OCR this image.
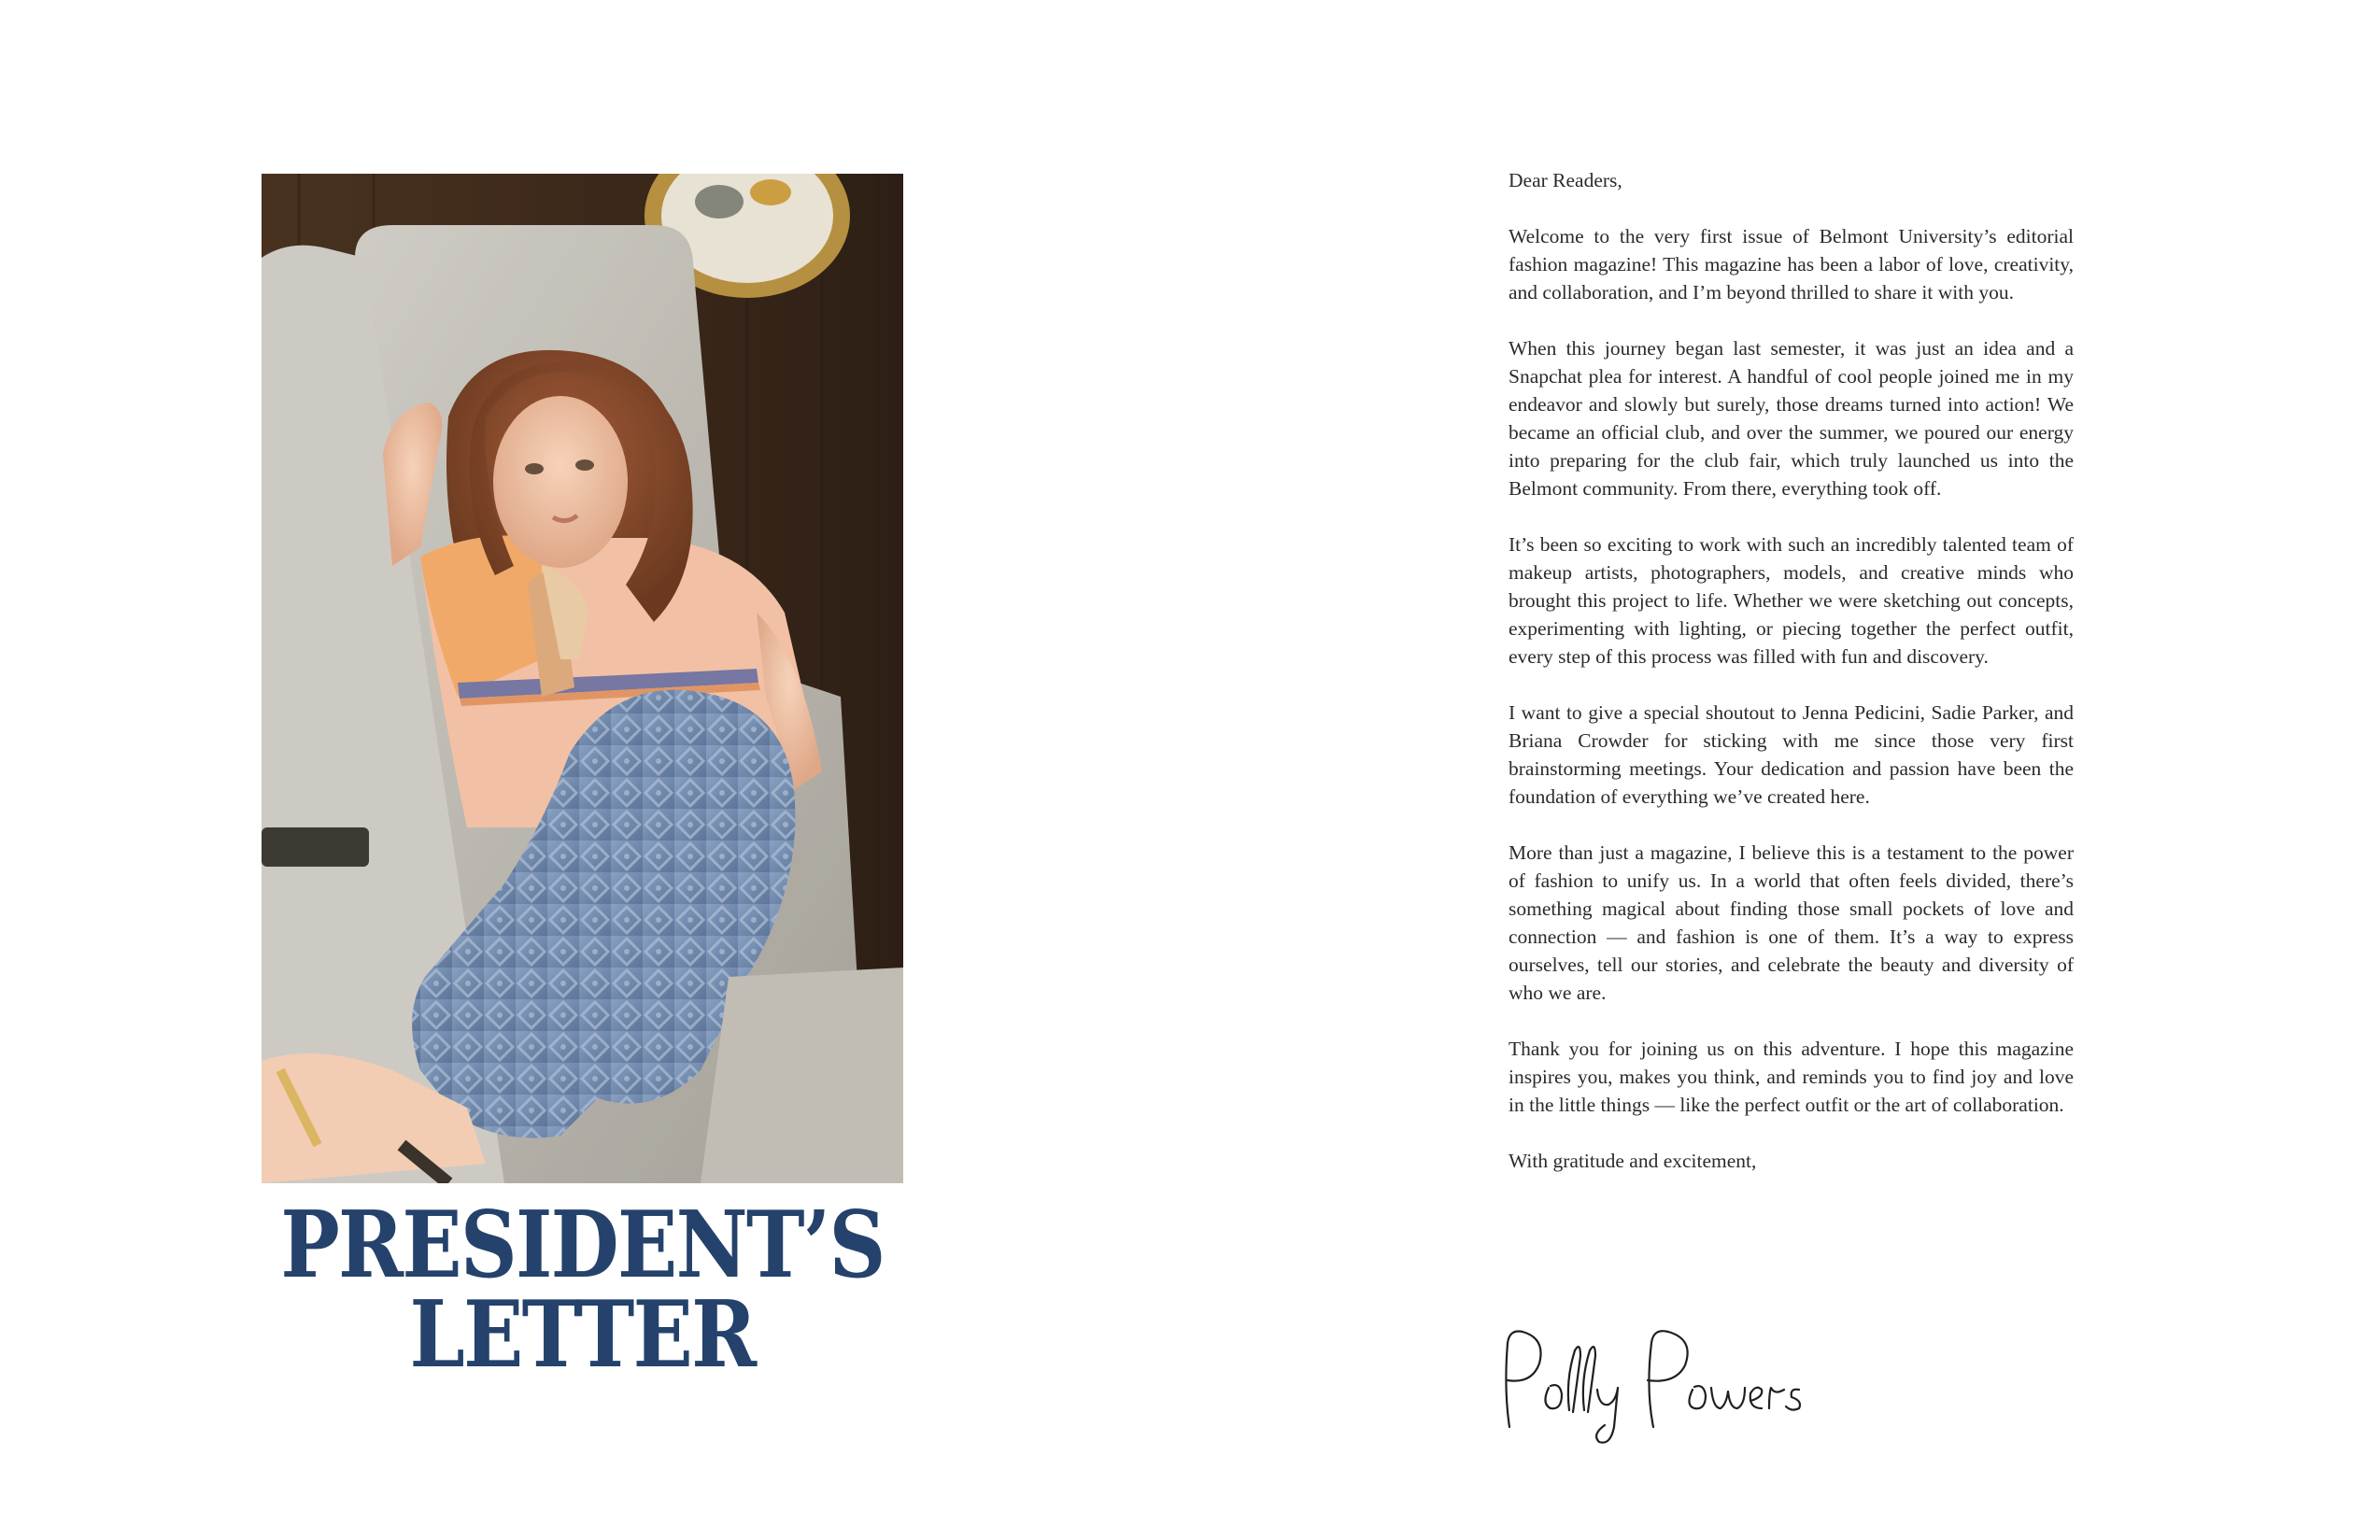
PRESIDENT’S
LETTER

Dear Readers,

Welcome to the very first issue of Belmont University’s editorial fashion magazine! This magazine has been a labor of love, creativity, and collaboration, and I’m beyond thrilled to share it with you.

When this journey began last semester, it was just an idea and a Snapchat plea for interest. A handful of cool people joined me in my endeavor and slowly but surely, those dreams turned into action! We became an official club, and over the summer, we poured our energy into preparing for the club fair, which truly launched us into the Belmont community. From there, everything took off.

It’s been so exciting to work with such an incredibly talented team of makeup artists, photographers, models, and creative minds who brought this project to life. Whether we were sketching out concepts, experimenting with lighting, or piecing together the perfect outfit, every step of this process was filled with fun and discovery.

I want to give a special shoutout to Jenna Pedicini, Sadie Parker, and Briana Crowder for sticking with me since those very first brainstorming meetings. Your dedication and passion have been the foundation of everything we’ve created here.

More than just a magazine, I believe this is a testament to the power of fashion to unify us. In a world that often feels divided, there’s something magical about finding those small pockets of love and connection — and fashion is one of them. It’s a way to express ourselves, tell our stories, and celebrate the beauty and diversity of who we are.

Thank you for joining us on this adventure. I hope this magazine inspires you, makes you think, and reminds you to find joy and love in the little things — like the perfect outfit or the art of collaboration.

With gratitude and excitement,
